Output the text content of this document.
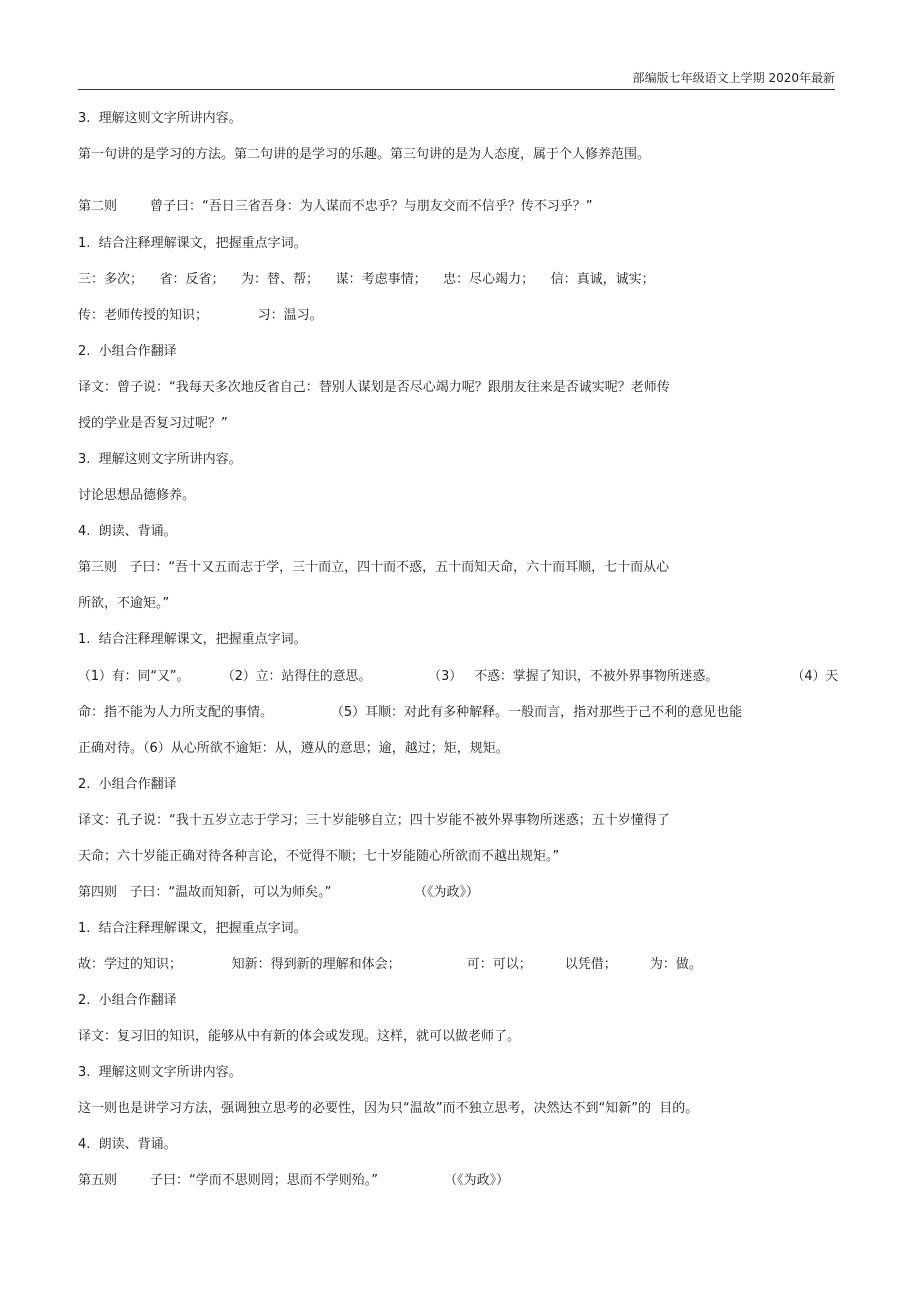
部编版七年级语文上学期 2020年最新
3.  理解这则文字所讲内容。
第一句讲的是学习的方法。第二句讲的是学习的乐趣。第三句讲的是为人态度，属于个人修养范围。
第二则        曾子曰：“吾日三省吾身：为人谋而不忠乎？与朋友交而不信乎？传不习乎？”
1.  结合注释理解课文，把握重点字词。
三：多次；    省：反省；    为：替、帮；    谋：考虑事情；    忠：尽心竭力；    信：真诚，诚实；
传：老师传授的知识；            习：温习。
2.  小组合作翻译
译文：曾子说：“我每天多次地反省自己：替别人谋划是否尽心竭力呢？跟朋友往来是否诚实呢？老师传
授的学业是否复习过呢？”
3.  理解这则文字所讲内容。
讨论思想品德修养。
4.  朗读、背诵。
第三则   子曰：“吾十又五而志于学，三十而立，四十而不惑，五十而知天命，六十而耳顺，七十而从心
所欲，不逾矩。”
1.  结合注释理解课文，把握重点字词。
（1）有：同“又”。        （2）立：站得住的意思。              （3）   不惑：掌握了知识，不被外界事物所迷惑。                  （4）天
命：指不能为人力所支配的事情。              （5）耳顺：对此有多种解释。一般而言，指对那些于己不利的意见也能
正确对待。（6）从心所欲不逾矩：从，遵从的意思；逾，越过；矩，规矩。
2.  小组合作翻译
译文：孔子说：“我十五岁立志于学习；三十岁能够自立；四十岁能不被外界事物所迷惑；五十岁懂得了
天命；六十岁能正确对待各种言论，不觉得不顺；七十岁能随心所欲而不越出规矩。”
第四则   子曰：“温故而知新，可以为师矣。”                    （《为政》）
1.  结合注释理解课文，把握重点字词。
故：学过的知识；            知新：得到新的理解和体会；                可：可以；        以凭借；        为：做。
2.  小组合作翻译
译文：复习旧的知识，能够从中有新的体会或发现。这样，就可以做老师了。
3.  理解这则文字所讲内容。
这一则也是讲学习方法，强调独立思考的必要性，因为只“温故”而不独立思考，决然达不到“知新”的  目的。
4.  朗读、背诵。
第五则        子曰：“学而不思则罔；思而不学则殆。”                （《为政》）
